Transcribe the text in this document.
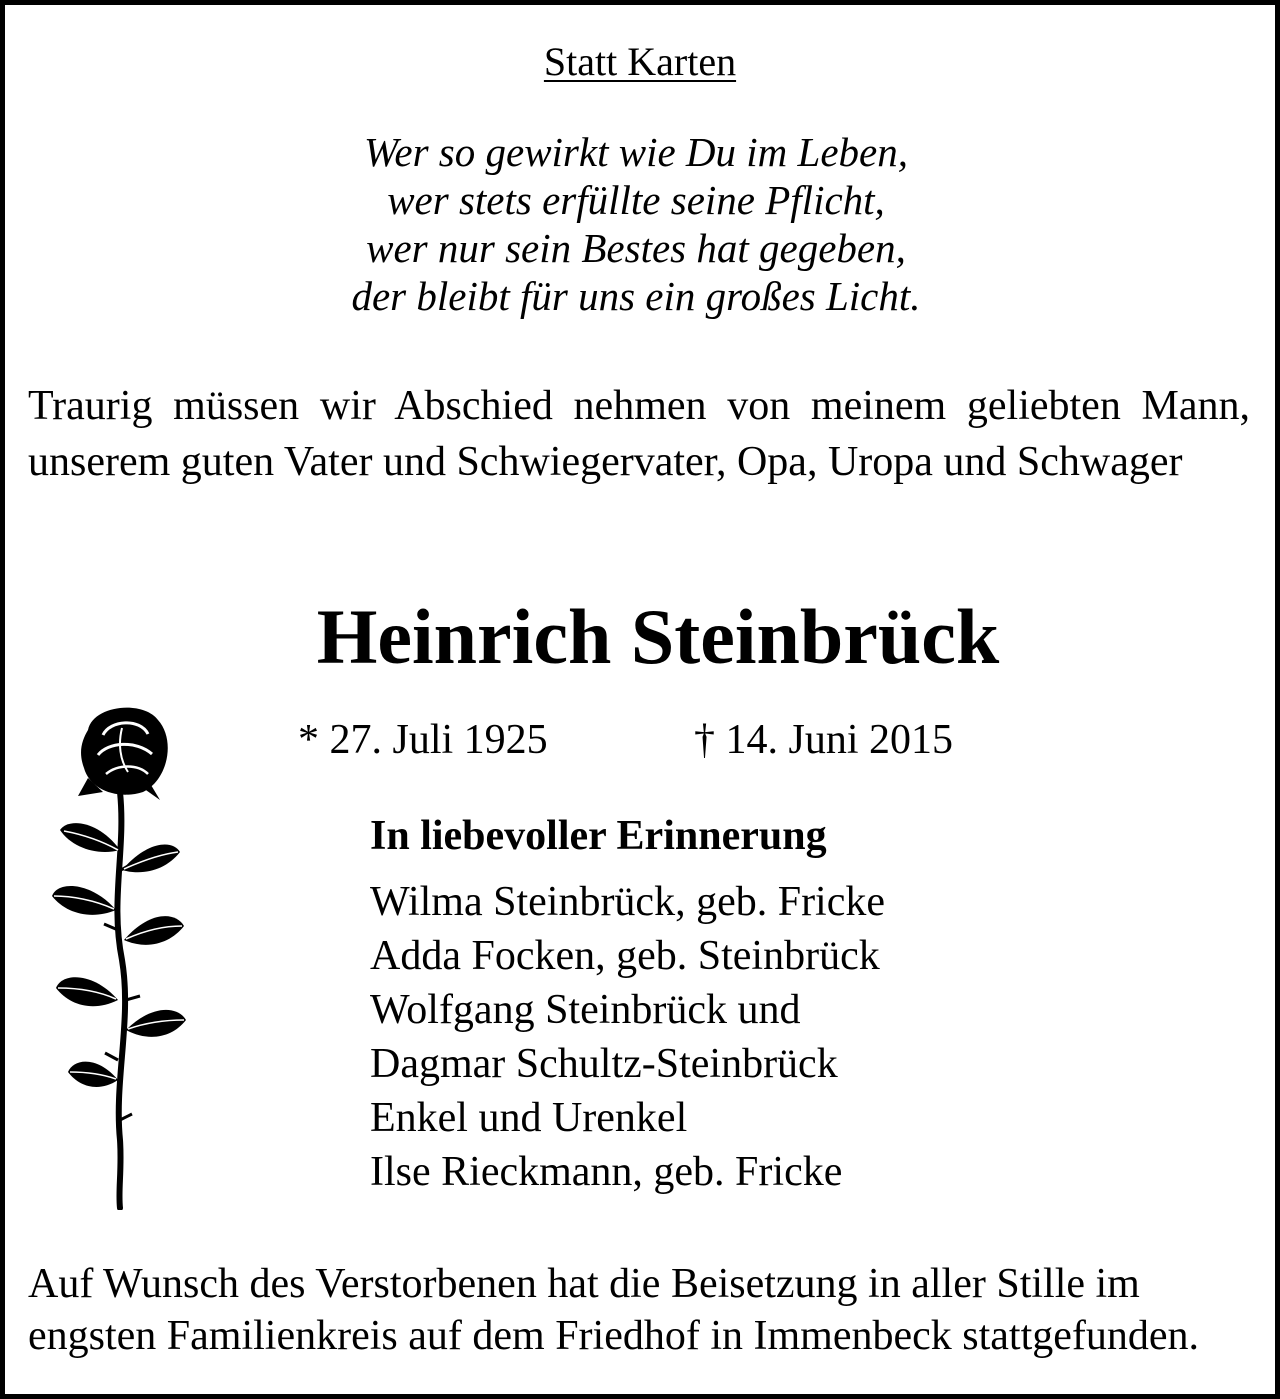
Statt Karten
Wer so gewirkt wie Du im Leben,
wer stets erfüllte seine Pflicht,
wer nur sein Bestes hat gegeben,
der bleibt für uns ein großes Licht.
Traurig müssen wir Abschied nehmen von meinem geliebten Mann, unserem guten Vater und Schwiegervater, Opa, Uropa und Schwager
Heinrich Steinbrück
* 27. Juli 1925	† 14. Juni 2015
In liebevoller Erinnerung
Wilma Steinbrück, geb. Fricke
Adda Focken, geb. Steinbrück
Wolfgang Steinbrück und
Dagmar Schultz-Steinbrück
Enkel und Urenkel
Ilse Rieckmann, geb. Fricke
Auf Wunsch des Verstorbenen hat die Beisetzung in aller Stille im
engsten Familienkreis auf dem Friedhof in Immenbeck stattgefunden.
